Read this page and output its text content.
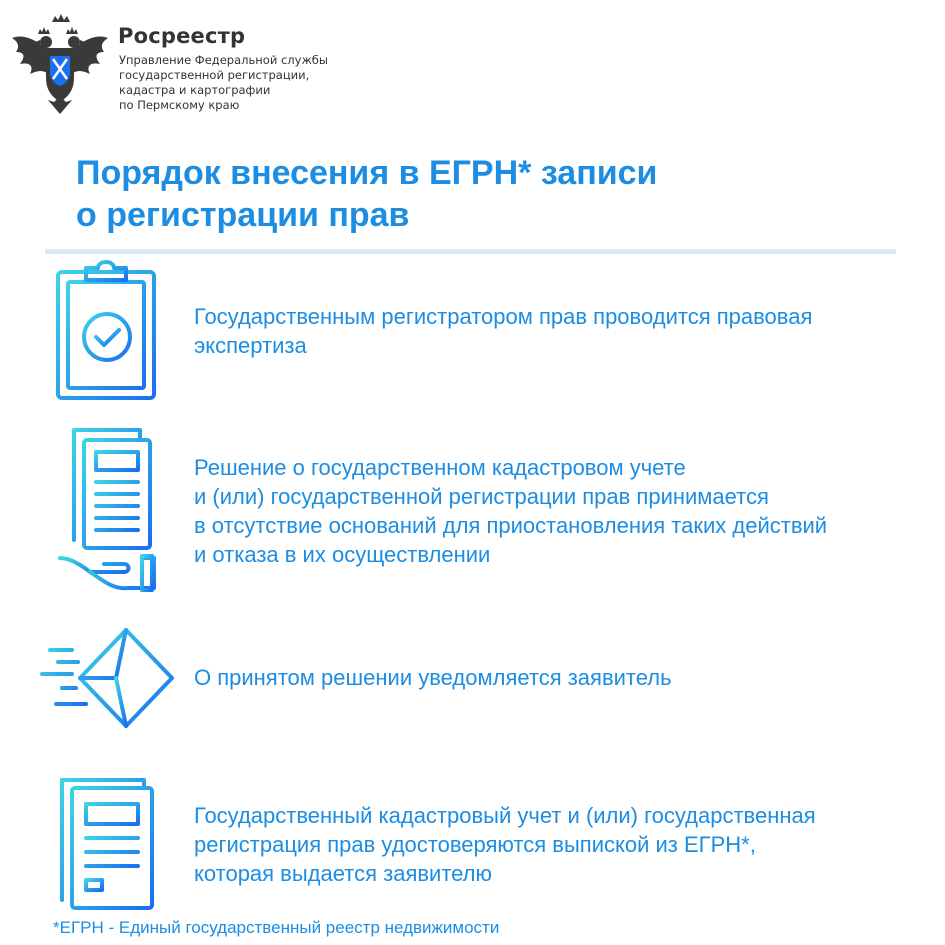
Росреестр
Управление Федеральной службы
государственной регистрации,
кадастра и картографии
по Пермскому краю
Порядок внесения в ЕГРН* записи
о регистрации прав
Государственным регистратором прав проводится правовая
экспертиза
Решение о государственном кадастровом учете
и (или) государственной регистрации прав принимается
в отсутствие оснований для приостановления таких действий
и отказа в их осуществлении
О принятом решении уведомляется заявитель
Государственный кадастровый учет и (или) государственная
регистрация прав удостоверяются выпиской из ЕГРН*,
которая выдается заявителю
*ЕГРН - Единый государственный реестр недвижимости
